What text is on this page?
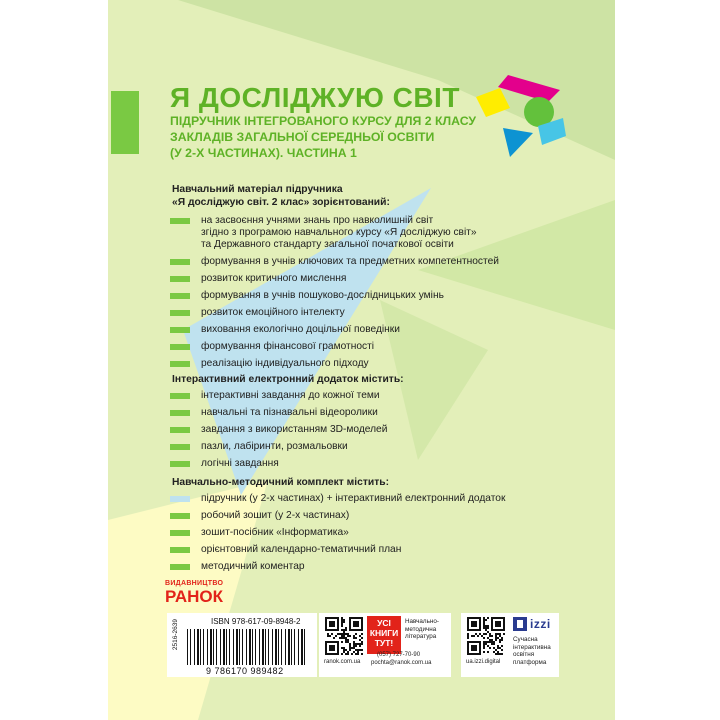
Я ДОСЛІДЖУЮ СВІТ

ПІДРУЧНИК ІНТЕГРОВАНОГО КУРСУ ДЛЯ 2 КЛАСУ
ЗАКЛАДІВ ЗАГАЛЬНОЇ СЕРЕДНЬОЇ ОСВІТИ
(У 2-Х ЧАСТИНАХ). ЧАСТИНА 1

Навчальний матеріал підручника
«Я досліджую світ. 2 клас» зорієнтований:

на засвоєння учнями знань про навколишній світ
згідно з програмою навчального курсу «Я досліджую світ»
та Державного стандарту загальної початкової освіти
формування в учнів ключових та предметних компетентностей
розвиток критичного мислення
формування в учнів пошуково-дослідницьких умінь
розвиток емоційного інтелекту
виховання екологічно доцільної поведінки
формування фінансової грамотності
реалізацію індивідуального підходу

Інтерактивний електронний додаток містить:

інтерактивні завдання до кожної теми
навчальні та пізнавальні відеоролики
завдання з використанням 3D-моделей
пазли, лабіринти, розмальовки
логічні завдання

Навчально-методичний комплект містить:

підручник (у 2-х частинах) + інтерактивний електронний додаток
робочий зошит (у 2-х частинах)
зошит-посібник «Інформатика»
орієнтовний календарно-тематичний план
методичний коментар
ВИДАВНИЦТВО
РАНОК
2516-2639	ISBN 978-617-09-8948-2
9 786170 989482
ranok.com.ua
УСІ
КНИГИ
ТУТ!
Навчально-
методична
література
(057) 727-70-90
pochta@ranok.com.ua	ua.izzi.digital
izzi
Сучасна
інтерактивна
освітня
платформа
